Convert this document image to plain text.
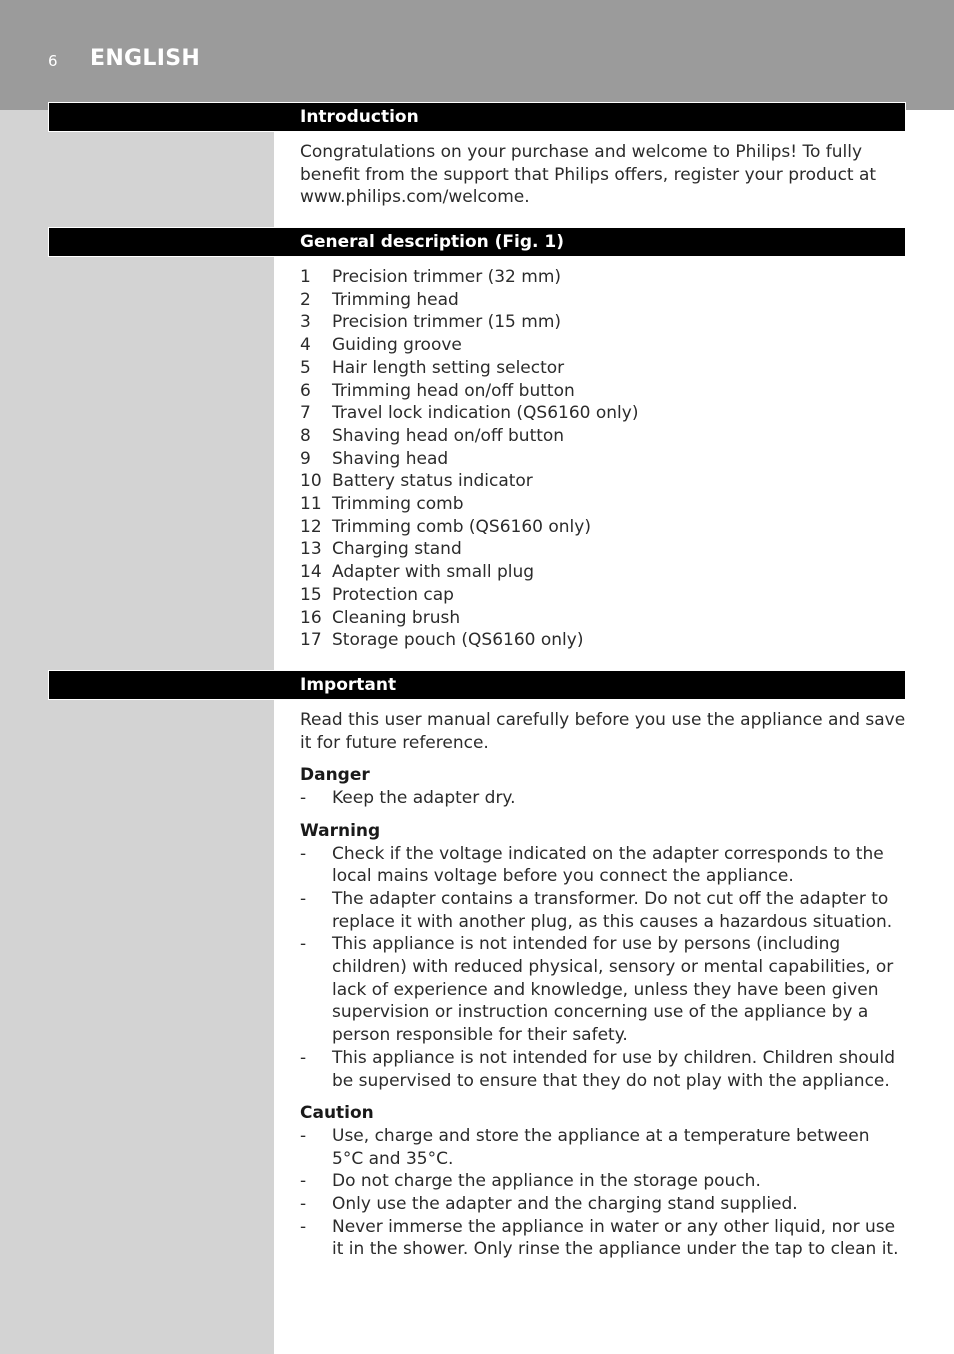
6 ENGLISH
Introduction

Congratulations on your purchase and welcome to Philips! To fully benefit from the support that Philips offers, register your product at www.philips.com/welcome.

General description (Fig. 1)
1	Precision trimmer (32 mm)
2	Trimming head
3	Precision trimmer (15 mm)
4	Guiding groove
5	Hair length setting selector
6	Trimming head on/off button
7	Travel lock indication (QS6160 only)
8	Shaving head on/off button
9	Shaving head
10 Battery status indicator
11 Trimming comb
12 Trimming comb (QS6160 only)
13 Charging stand
14 Adapter with small plug
15 Protection cap
16 Cleaning brush
17 Storage pouch (QS6160 only)
Important

Read this user manual carefully before you use the appliance and save it for future reference.

Danger

-	Keep the adapter dry.

Warning

-	Check if the voltage indicated on the adapter corresponds to the local mains voltage before you connect the appliance.
-	The adapter contains a transformer. Do not cut off the adapter to replace it with another plug, as this causes a hazardous situation.
-	This appliance is not intended for use by persons (including children) with reduced physical, sensory or mental capabilities, or lack of experience and knowledge, unless they have been given supervision or instruction concerning use of the appliance by a person responsible for their safety.
-	This appliance is not intended for use by children. Children should be supervised to ensure that they do not play with the appliance.

Caution

-	Use, charge and store the appliance at a temperature between 5°C and 35°C.
-	Do not charge the appliance in the storage pouch.
-	Only use the adapter and the charging stand supplied.
-	Never immerse the appliance in water or any other liquid, nor use it in the shower. Only rinse the appliance under the tap to clean it.
